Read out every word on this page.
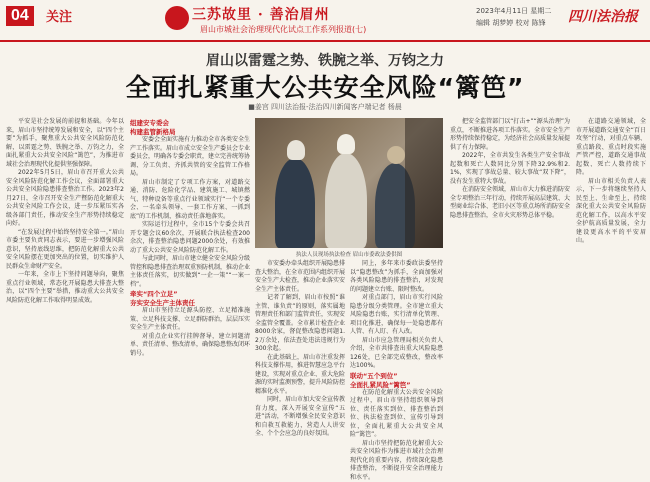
04	关注	三苏故里 · 善治眉州
眉山市城社会治理现代化试点工作系列报道(七)
2023年4月11日 星期二
编辑 胡梦婷 校对 陈锋 四川法治报
眉山以雷霆之势、铁腕之举、万钧之力
全面扎紧重大公共安全风险“篱笆”
■姜宫 四川法治报-法治四川新闻客户端记者 杨晨

平安是社会发展的前提和基础。今年以来，眉山市坚持统筹发展和安全，以“四个主要”为抓手，聚焦重大公共安全风险防范化解，以雷霆之势、铁腕之举、万钧之力，全面扎紧重大公共安全风险“篱笆”，为推进市域社会治理现代化提供坚强保障。

2022年5月5日，眉山市召开重大公共安全风险防范化解工作会议，全面部署重大公共安全风险隐患排查整治工作。2023年2月27日，全市召开安全生产暨防范化解重大公共安全风险工作会议，进一步压紧压实各级各部门责任，推动安全生产形势持续稳定向好。

“在发展过程中始终坚持安全第一。”眉山市委主要负责同志表示，要进一步增强风险意识，坚持底线思维，把防范化解重大公共安全风险摆在更加突出的位置，切实维护人民群众生命财产安全。

一年来，全市上下坚持问题导向，聚焦重点行业领域，常态化开展隐患大排查大整治，以“四个主要”举措，推动重大公共安全风险防范化解工作取得明显成效。

组建安专委会

构建监管新格局

安委会全面实施有力推动全市各类安全生产工作落实。眉山市成立安全生产委员会专业委员会，明确各专委会职责，建立完善统筹协调、分工负责、齐抓共管的安全监管工作格局。

眉山市制定了专项工作方案，对道路交通、消防、危险化学品、建筑施工、城镇燃气、特种设备等重点行业领域实行“一个专委会、一名牵头领导、一套工作方案、一抓到底”的工作机制，推动责任落地落实。

实际运行过程中，全市15个专委会共召开专题会议60余次，开展联合执法检查200余次，排查整治隐患问题2000余处，有效推动了重大公共安全风险防范化解工作。

与此同时，眉山市建立健全安全风险分级管控和隐患排查治理双重预防机制，推动企业主体责任落实，切实做到“一企一策”“一案一档”。

牵实“四个立足”

夯实安全生产主体责任

眉山市坚持立足源头防控、立足精准施策、立足科技支撑、立足群防群治，层层压实安全生产主体责任。

对重点企业实行挂牌督导，建立问题清单、责任清单、整改清单，确保隐患整改闭环销号。

执法人员现场执法检查 眉山市委政法委供图

市安委办牵头组织开展隐患排查大整治，在全市范围内组织开展安全生产大检查，推动企业落实安全生产主体责任。

记者了解到，眉山市按照“谁主管、谁负责”的原则，落实属地管理责任和部门监管责任，实现安全监管全覆盖。全市累计检查企业8000余家，督促整改隐患问题1.2万余处，依法查处违法违规行为300余起。

在此基础上，眉山市注重发挥科技支撑作用，推进智慧应急平台建设，实现对重点企业、重大危险源的实时监测预警，提升风险防控精准化水平。

同时，眉山市加大安全宣传教育力度，深入开展安全宣传“五进”活动，不断增强全民安全意识和自救互救能力，营造人人讲安全、个个会应急的良好氛围。

同上，多年来市委政法委坚持以“隐患整改”为抓手，全面加强对各类风险隐患的排查整治，对发现的问题建立台账、限时整改。

对重点部门，眉山市实行风险隐患分级分类管理。全市建立重大风险隐患台账，实行清单化管理、项目化推进，确保每一处隐患都有人管、有人盯、有人改。

眉山市应急管理局相关负责人介绍，全市共排查出重大风险隐患126处，已全部完成整改，整改率达100%。

联动“五个到位”

全面扎紧风险“篱笆”

在防范化解重大公共安全风险过程中，眉山市坚持组织领导到位、责任落实到位、排查整治到位、执法检查到位、宣传引导到位，全面扎紧重大公共安全风险“篱笆”。

眉山市坚持把防范化解重大公共安全风险作为推进市域社会治理现代化的重要内容，持续深化隐患排查整治，不断提升安全治理能力和水平。

把安全监管部门以“打击+”“源头治理”为重点，不断推进各项工作落实。全市安全生产形势持续保持稳定，为经济社会高质量发展提供了有力保障。

2022年，全市共发生各类生产安全事故起数和死亡人数同比分别下降32.9%和2.1%，实现了事故总量、较大事故“双下降”，没有发生重特大事故。

在消防安全领域，眉山市大力推进消防安全专项整治三年行动，持续开展高层建筑、大型商业综合体、老旧小区等重点场所消防安全隐患排查整治，全市火灾形势总体平稳。

在道路交通领域，全市开展道路交通安全“百日攻坚”行动，对重点车辆、重点路段、重点时段实施严管严控，道路交通事故起数、死亡人数持续下降。

眉山市相关负责人表示，下一步将继续坚持人民至上、生命至上，持续深化重大公共安全风险防范化解工作，以高水平安全护航高质量发展，全力建设更高水平的平安眉山。
